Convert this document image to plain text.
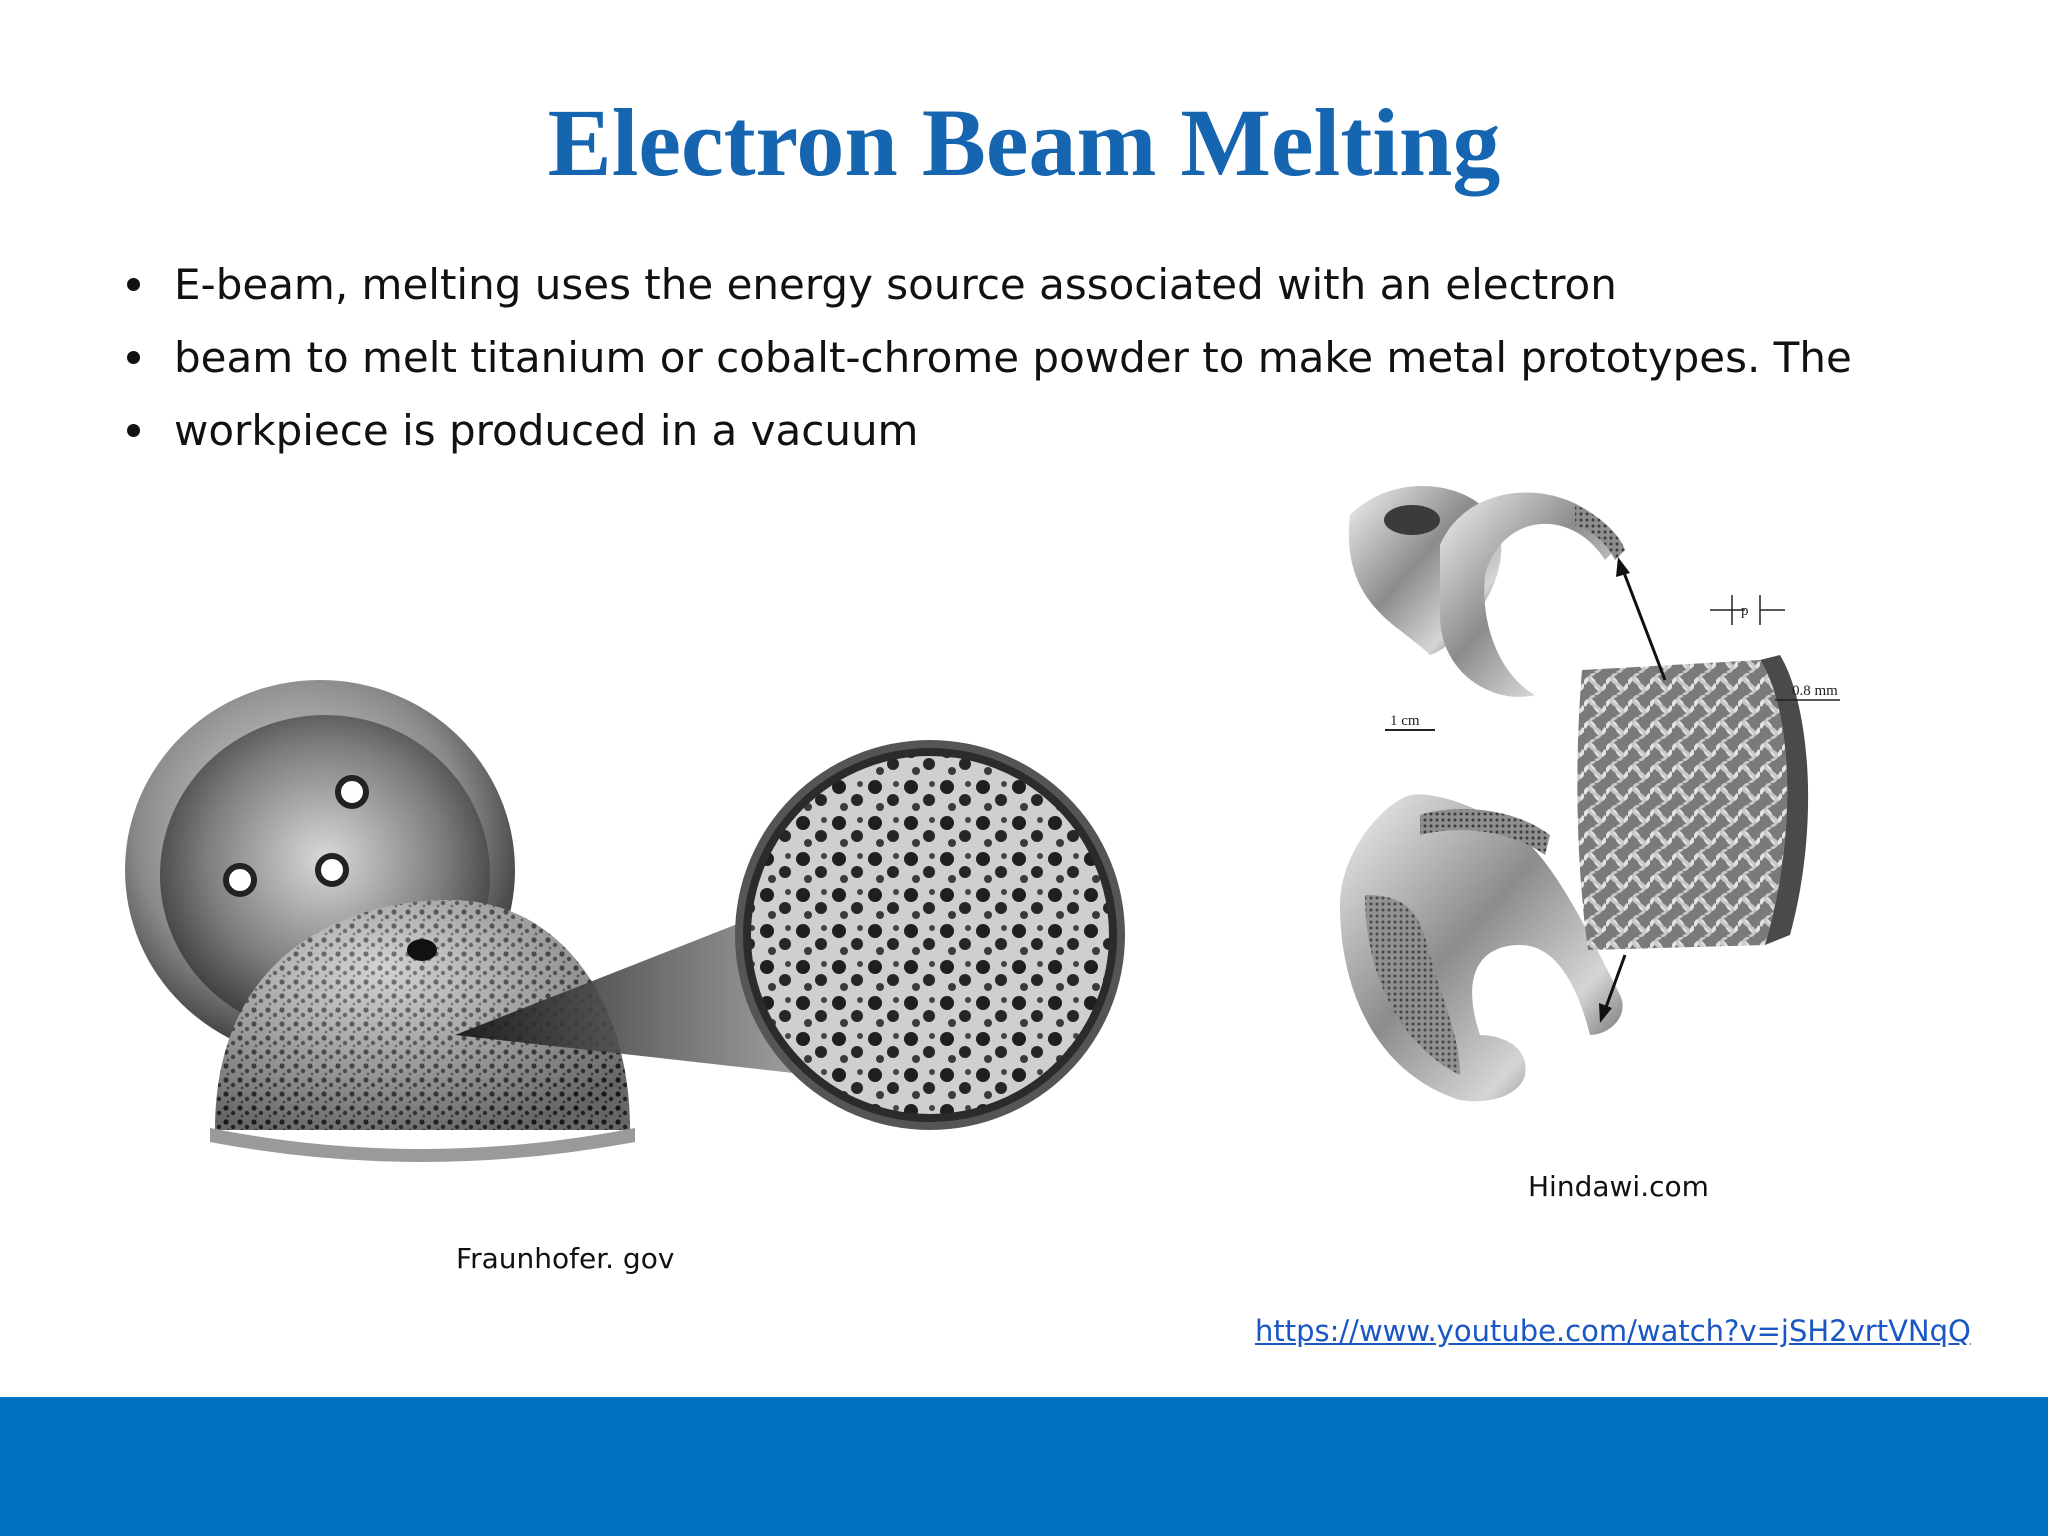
Electron Beam Melting
E-beam, melting uses the energy source associated with an electron
beam to melt titanium or cobalt-chrome powder to make metal prototypes. The
workpiece is produced in a vacuum
1 cm
p
0.8 mm
Fraunhofer. gov
Hindawi.com
https://www.youtube.com/watch?v=jSH2vrtVNqQ
